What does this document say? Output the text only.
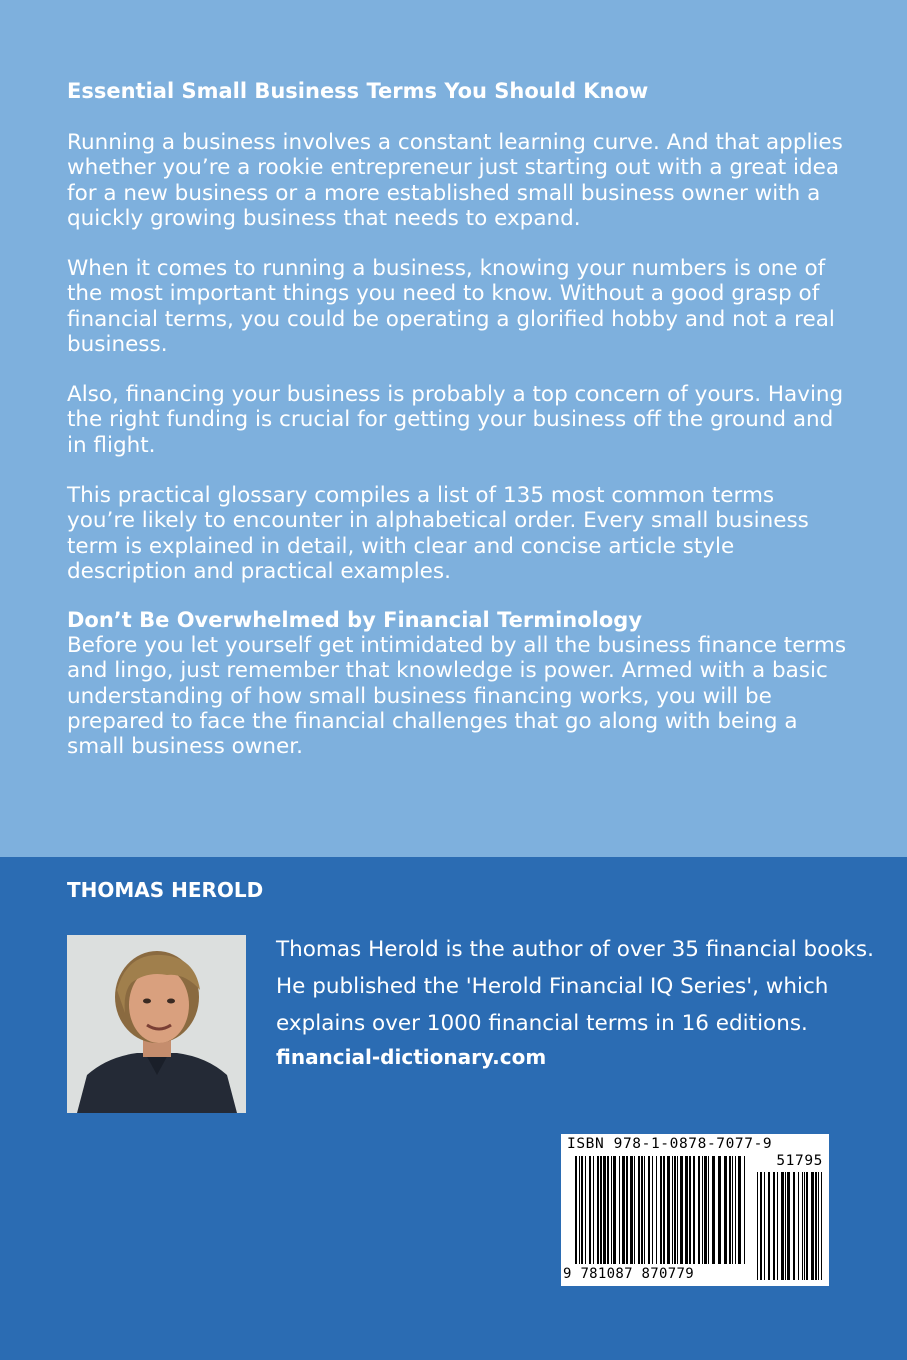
Essential Small Business Terms You Should Know

Running a business involves a constant learning curve. And that applies whether you’re a rookie entrepreneur just starting out with a great idea for a new business or a more established small business owner with a quickly growing business that needs to expand.

When it comes to running a business, knowing your numbers is one of the most important things you need to know. Without a good grasp of financial terms, you could be operating a glorified hobby and not a real business.

Also, financing your business is probably a top concern of yours. Having the right funding is crucial for getting your business off the ground and in flight.

This practical glossary compiles a list of 135 most common terms you’re likely to encounter in alphabetical order. Every small business term is explained in detail, with clear and concise article style description and practical examples.

Don’t Be Overwhelmed by Financial Terminology

Before you let yourself get intimidated by all the business finance terms and lingo, just remember that knowledge is power. Armed with a basic understanding of how small business financing works, you will be prepared to face the financial challenges that go along with being a small business owner.

THOMAS HEROLD

Thomas Herold is the author of over 35 financial books. He published the 'Herold Financial IQ Series', which explains over 1000 financial terms in 16 editions.

financial-dictionary.com

ISBN 978-1-0878-7077-9
51795
9 781087 870779
